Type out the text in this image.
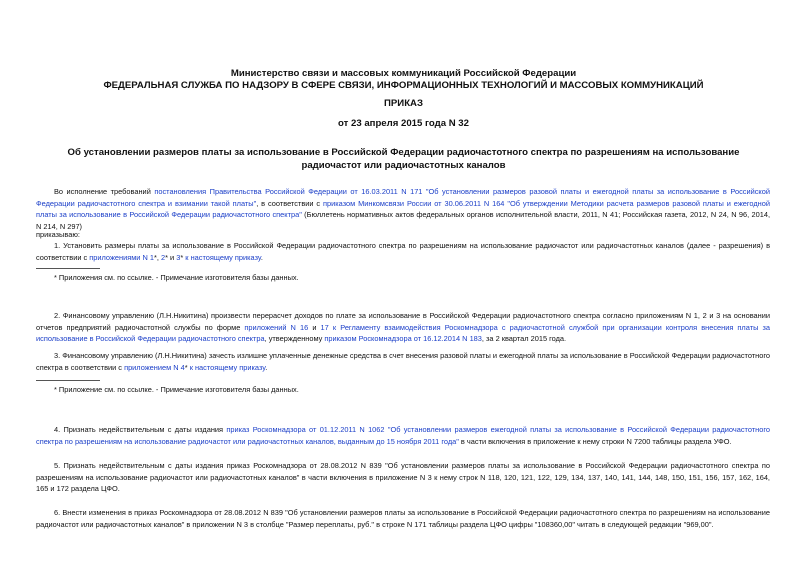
Министерство связи и массовых коммуникаций Российской Федерации
ФЕДЕРАЛЬНАЯ СЛУЖБА ПО НАДЗОРУ В СФЕРЕ СВЯЗИ, ИНФОРМАЦИОННЫХ ТЕХНОЛОГИЙ И МАССОВЫХ КОММУНИКАЦИЙ
ПРИКАЗ
от 23 апреля 2015 года N 32
Об установлении размеров платы за использование в Российской Федерации радиочастотного спектра по разрешениям на использование радиочастот или радиочастотных каналов
Во исполнение требований постановления Правительства Российской Федерации от 16.03.2011 N 171 "Об установлении размеров разовой платы и ежегодной платы за использование в Российской Федерации радиочастотного спектра и взимании такой платы", в соответствии с приказом Минкомсвязи России от 30.06.2011 N 164 "Об утверждении Методики расчета размеров разовой платы и ежегодной платы за использование в Российской Федерации радиочастотного спектра" (Бюллетень нормативных актов федеральных органов исполнительной власти, 2011, N 41; Российская газета, 2012, N 24, N 96, 2014, N 214, N 297)
приказываю:
1. Установить размеры платы за использование в Российской Федерации радиочастотного спектра по разрешениям на использование радиочастот или радиочастотных каналов (далее - разрешения) в соответствии с приложениями N 1*, 2* и 3* к настоящему приказу.
* Приложения см. по ссылке. - Примечание изготовителя базы данных.
2. Финансовому управлению (Л.Н.Никитина) произвести перерасчет доходов по плате за использование в Российской Федерации радиочастотного спектра согласно приложениям N 1, 2 и 3 на основании отчетов предприятий радиочастотной службы по форме приложений N 16 и 17 к Регламенту взаимодействия Роскомнадзора с радиочастотной службой при организации контроля внесения платы за использование в Российской Федерации радиочастотного спектра, утвержденному приказом Роскомнадзора от 16.12.2014 N 183, за 2 квартал 2015 года.
3. Финансовому управлению (Л.Н.Никитина) зачесть излишне уплаченные денежные средства в счет внесения разовой платы и ежегодной платы за использование в Российской Федерации радиочастотного спектра в соответствии с приложением N 4* к настоящему приказу.
* Приложение см. по ссылке. - Примечание изготовителя базы данных.
4. Признать недействительным с даты издания приказ Роскомнадзора от 01.12.2011 N 1062 "Об установлении размеров ежегодной платы за использование в Российской Федерации радиочастотного спектра по разрешениям на использование радиочастот или радиочастотных каналов, выданным до 15 ноября 2011 года" в части включения в приложение к нему строки N 7200 таблицы раздела УФО.
5. Признать недействительным с даты издания приказ Роскомнадзора от 28.08.2012 N 839 "Об установлении размеров платы за использование в Российской Федерации радиочастотного спектра по разрешениям на использование радиочастот или радиочастотных каналов" в части включения в приложение N 3 к нему строк N 118, 120, 121, 122, 129, 134, 137, 140, 141, 144, 148, 150, 151, 156, 157, 162, 164, 165 и 172 раздела ЦФО.
6. Внести изменения в приказ Роскомнадзора от 28.08.2012 N 839 "Об установлении размеров платы за использование в Российской Федерации радиочастотного спектра по разрешениям на использование радиочастот или радиочастотных каналов" в приложении N 3 в столбце "Размер переплаты, руб." в строке N 171 таблицы раздела ЦФО цифры "108360,00" читать в следующей редакции "969,00".
